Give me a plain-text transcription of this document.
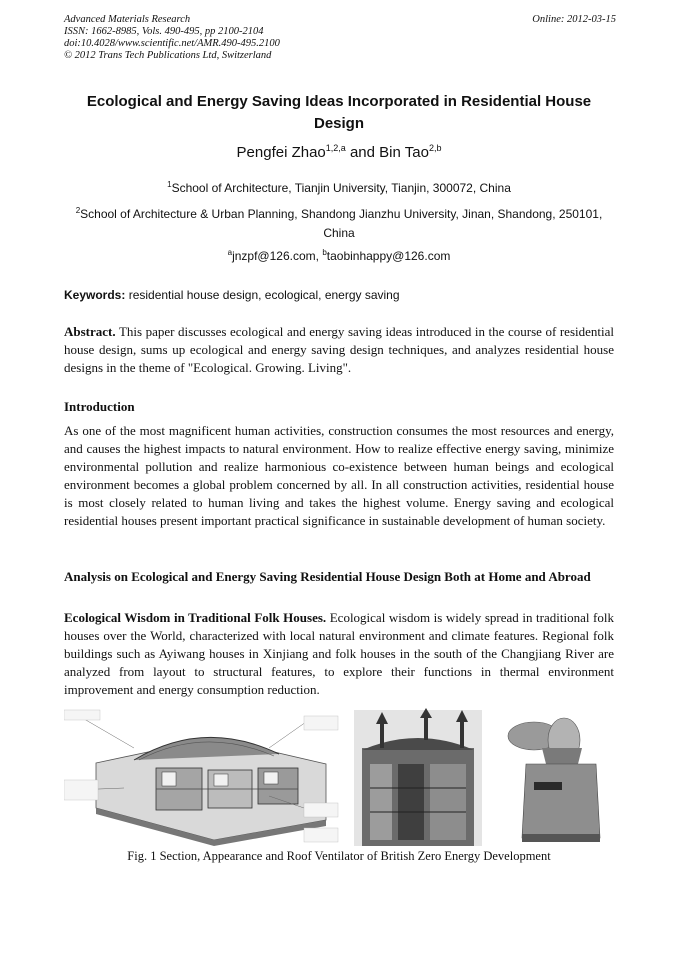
Advanced Materials Research
ISSN: 1662-8985, Vols. 490-495, pp 2100-2104
doi:10.4028/www.scientific.net/AMR.490-495.2100
© 2012 Trans Tech Publications Ltd, Switzerland
Online: 2012-03-15
Ecological and Energy Saving Ideas Incorporated in Residential House
Design
Pengfei Zhao$^{1,2,a}$ and Bin Tao$^{2,b}$
$^1$School of Architecture, Tianjin University, Tianjin, 300072, China
$^2$School of Architecture & Urban Planning, Shandong Jianzhu University, Jinan, Shandong, 250101,
China
$^a$jnzpf@126.com, $^b$taobinhappy@126.com
Keywords: residential house design, ecological, energy saving
Abstract. This paper discusses ecological and energy saving ideas introduced in the course of residential house design, sums up ecological and energy saving design techniques, and analyzes residential house designs in the theme of "Ecological. Growing. Living".
Introduction
As one of the most magnificent human activities, construction consumes the most resources and energy, and causes the highest impacts to natural environment. How to realize effective energy saving, minimize environmental pollution and realize harmonious co-existence between human beings and ecological environment becomes a global problem concerned by all. In all construction activities, residential house is most closely related to human living and takes the highest volume. Energy saving and ecological residential houses present important practical significance in sustainable development of human society.
Analysis on Ecological and Energy Saving Residential House Design Both at Home and Abroad
Ecological Wisdom in Traditional Folk Houses. Ecological wisdom is widely spread in traditional folk houses over the World, characterized with local natural environment and climate features. Regional folk buildings such as Ayiwang houses in Xinjiang and folk houses in the south of the Changjiang River are analyzed from layout to structural features, to explore their functions in thermal environment improvement and energy consumption reduction.
Fig. 1 Section, Appearance and Roof Ventilator of British Zero Energy Development
